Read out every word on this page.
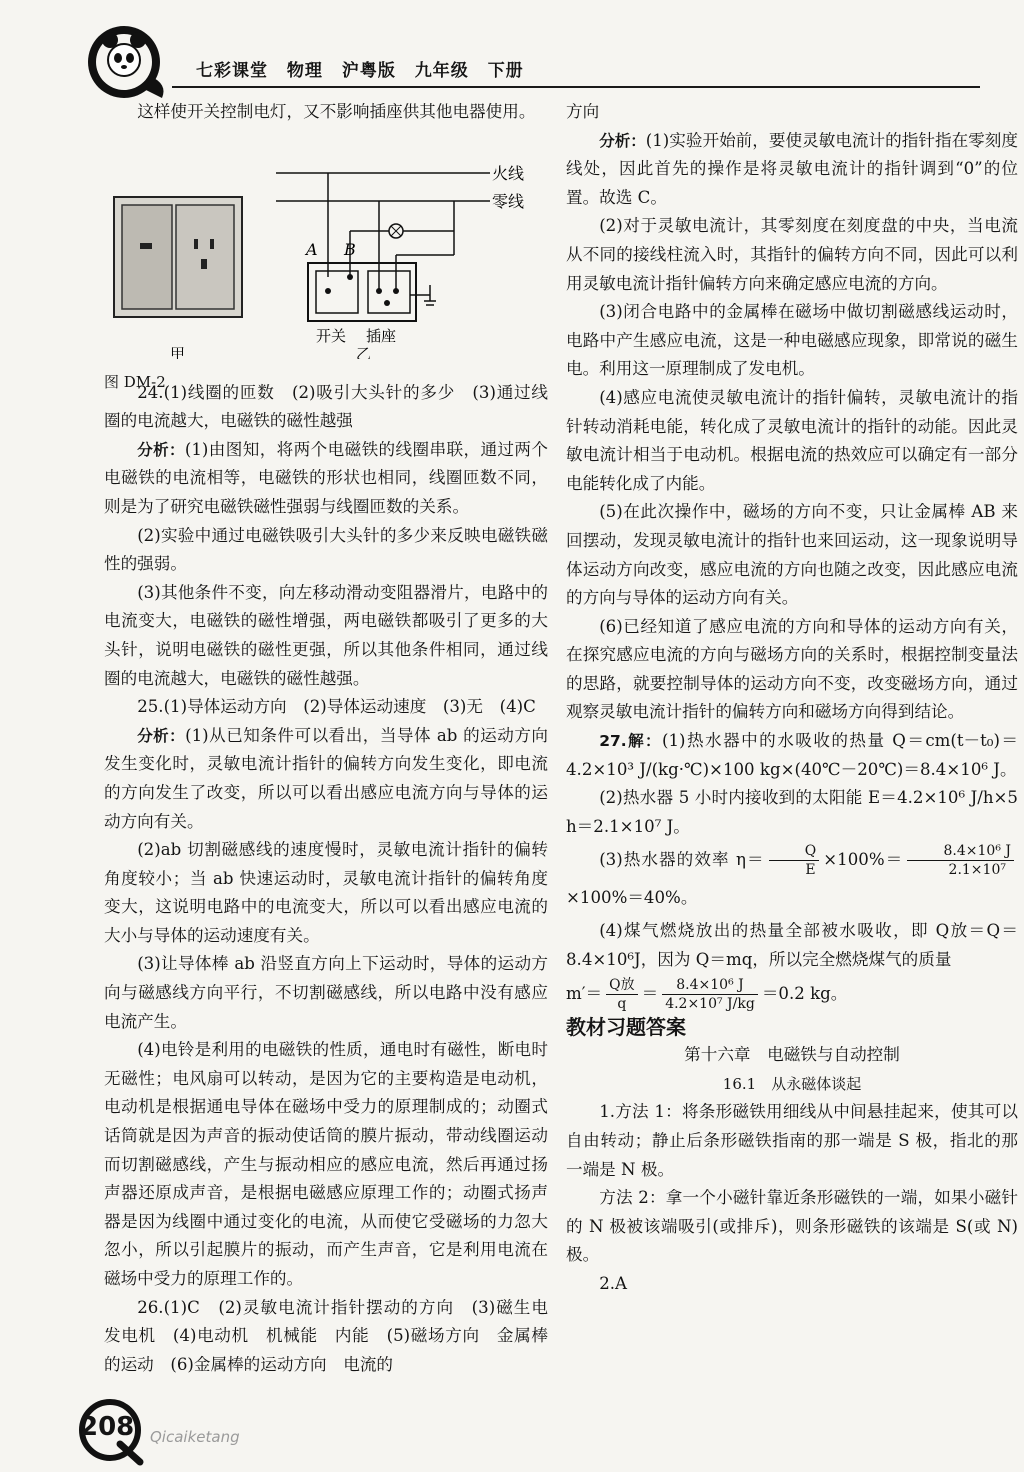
七彩课堂 物理 沪粤版 九年级 下册

这样使开关控制电灯，又不影响插座供其他电器使用。

火线
零线
A B
开关 插座
甲	乙

图 DM-2

24.(1)线圈的匝数　(2)吸引大头针的多少　(3)通过线圈的电流越大，电磁铁的磁性越强

分析：(1)由图知，将两个电磁铁的线圈串联，通过两个电磁铁的电流相等，电磁铁的形状也相同，线圈匝数不同，则是为了研究电磁铁磁性强弱与线圈匝数的关系。

(2)实验中通过电磁铁吸引大头针的多少来反映电磁铁磁性的强弱。

(3)其他条件不变，向左移动滑动变阻器滑片，电路中的电流变大，电磁铁的磁性增强，两电磁铁都吸引了更多的大头针，说明电磁铁的磁性更强，所以其他条件相同，通过线圈的电流越大，电磁铁的磁性越强。

25.(1)导体运动方向　(2)导体运动速度　(3)无　(4)C

分析：(1)从已知条件可以看出，当导体 ab 的运动方向发生变化时，灵敏电流计指针的偏转方向发生变化，即电流的方向发生了改变，所以可以看出感应电流方向与导体的运动方向有关。

(2)ab 切割磁感线的速度慢时，灵敏电流计指针的偏转角度较小；当 ab 快速运动时，灵敏电流计指针的偏转角度变大，这说明电路中的电流变大，所以可以看出感应电流的大小与导体的运动速度有关。

(3)让导体棒 ab 沿竖直方向上下运动时，导体的运动方向与磁感线方向平行，不切割磁感线，所以电路中没有感应电流产生。

(4)电铃是利用的电磁铁的性质，通电时有磁性，断电时无磁性；电风扇可以转动，是因为它的主要构造是电动机，电动机是根据通电导体在磁场中受力的原理制成的；动圈式话筒就是因为声音的振动使话筒的膜片振动，带动线圈运动而切割磁感线，产生与振动相应的感应电流，然后再通过扬声器还原成声音，是根据电磁感应原理工作的；动圈式扬声器是因为线圈中通过变化的电流，从而使它受磁场的力忽大忽小，所以引起膜片的振动，而产生声音，它是利用电流在磁场中受力的原理工作的。

26.(1)C　(2)灵敏电流计指针摆动的方向　(3)磁生电　发电机　(4)电动机　机械能　内能　(5)磁场方向　金属棒的运动　(6)金属棒的运动方向　电流的

方向

分析：(1)实验开始前，要使灵敏电流计的指针指在零刻度线处，因此首先的操作是将灵敏电流计的指针调到“0”的位置。故选 C。

(2)对于灵敏电流计，其零刻度在刻度盘的中央，当电流从不同的接线柱流入时，其指针的偏转方向不同，因此可以利用灵敏电流计指针偏转方向来确定感应电流的方向。

(3)闭合电路中的金属棒在磁场中做切割磁感线运动时，电路中产生感应电流，这是一种电磁感应现象，即常说的磁生电。利用这一原理制成了发电机。

(4)感应电流使灵敏电流计的指针偏转，灵敏电流计的指针转动消耗电能，转化成了灵敏电流计的指针的动能。因此灵敏电流计相当于电动机。根据电流的热效应可以确定有一部分电能转化成了内能。

(5)在此次操作中，磁场的方向不变，只让金属棒 AB 来回摆动，发现灵敏电流计的指针也来回运动，这一现象说明导体运动方向改变，感应电流的方向也随之改变，因此感应电流的方向与导体的运动方向有关。

(6)已经知道了感应电流的方向和导体的运动方向有关，在探究感应电流的方向与磁场方向的关系时，根据控制变量法的思路，就要控制导体的运动方向不变，改变磁场方向，通过观察灵敏电流计指针的偏转方向和磁场方向得到结论。

27.解：(1)热水器中的水吸收的热量 Q＝cm(t－t₀)＝4.2×10³ J/(kg·℃)×100 kg×(40℃－20℃)＝8.4×10⁶ J。

(2)热水器 5 小时内接收到的太阳能 E＝4.2×10⁶ J/h×5 h＝2.1×10⁷ J。

(3)热水器的效率 $\eta= \frac{Q}{E} \times 100\%= \frac{\text{8.4×10⁶ J}}{\text{2.1×10⁷}}$
×100%＝40%。

(4)煤气燃烧放出的热量全部被水吸收，即 Q放＝Q＝8.4×10⁶J，因为 Q＝mq，所以完全燃烧煤气的质量

$m'= \frac{\text{Q放}}{q} = \frac{\text{8.4×10⁶ J}}{\text{4.2×10⁷ J/kg}} =0.2$ kg。

教材习题答案

第十六章　电磁铁与自动控制

16.1　从永磁体谈起

1.方法 1：将条形磁铁用细线从中间悬挂起来，使其可以自由转动；静止后条形磁铁指南的那一端是 S 极，指北的那一端是 N 极。

方法 2：拿一个小磁针靠近条形磁铁的一端，如果小磁针的 N 极被该端吸引(或排斥)，则条形磁铁的该端是 S(或 N)极。

2.A

208 Qicaiketang
